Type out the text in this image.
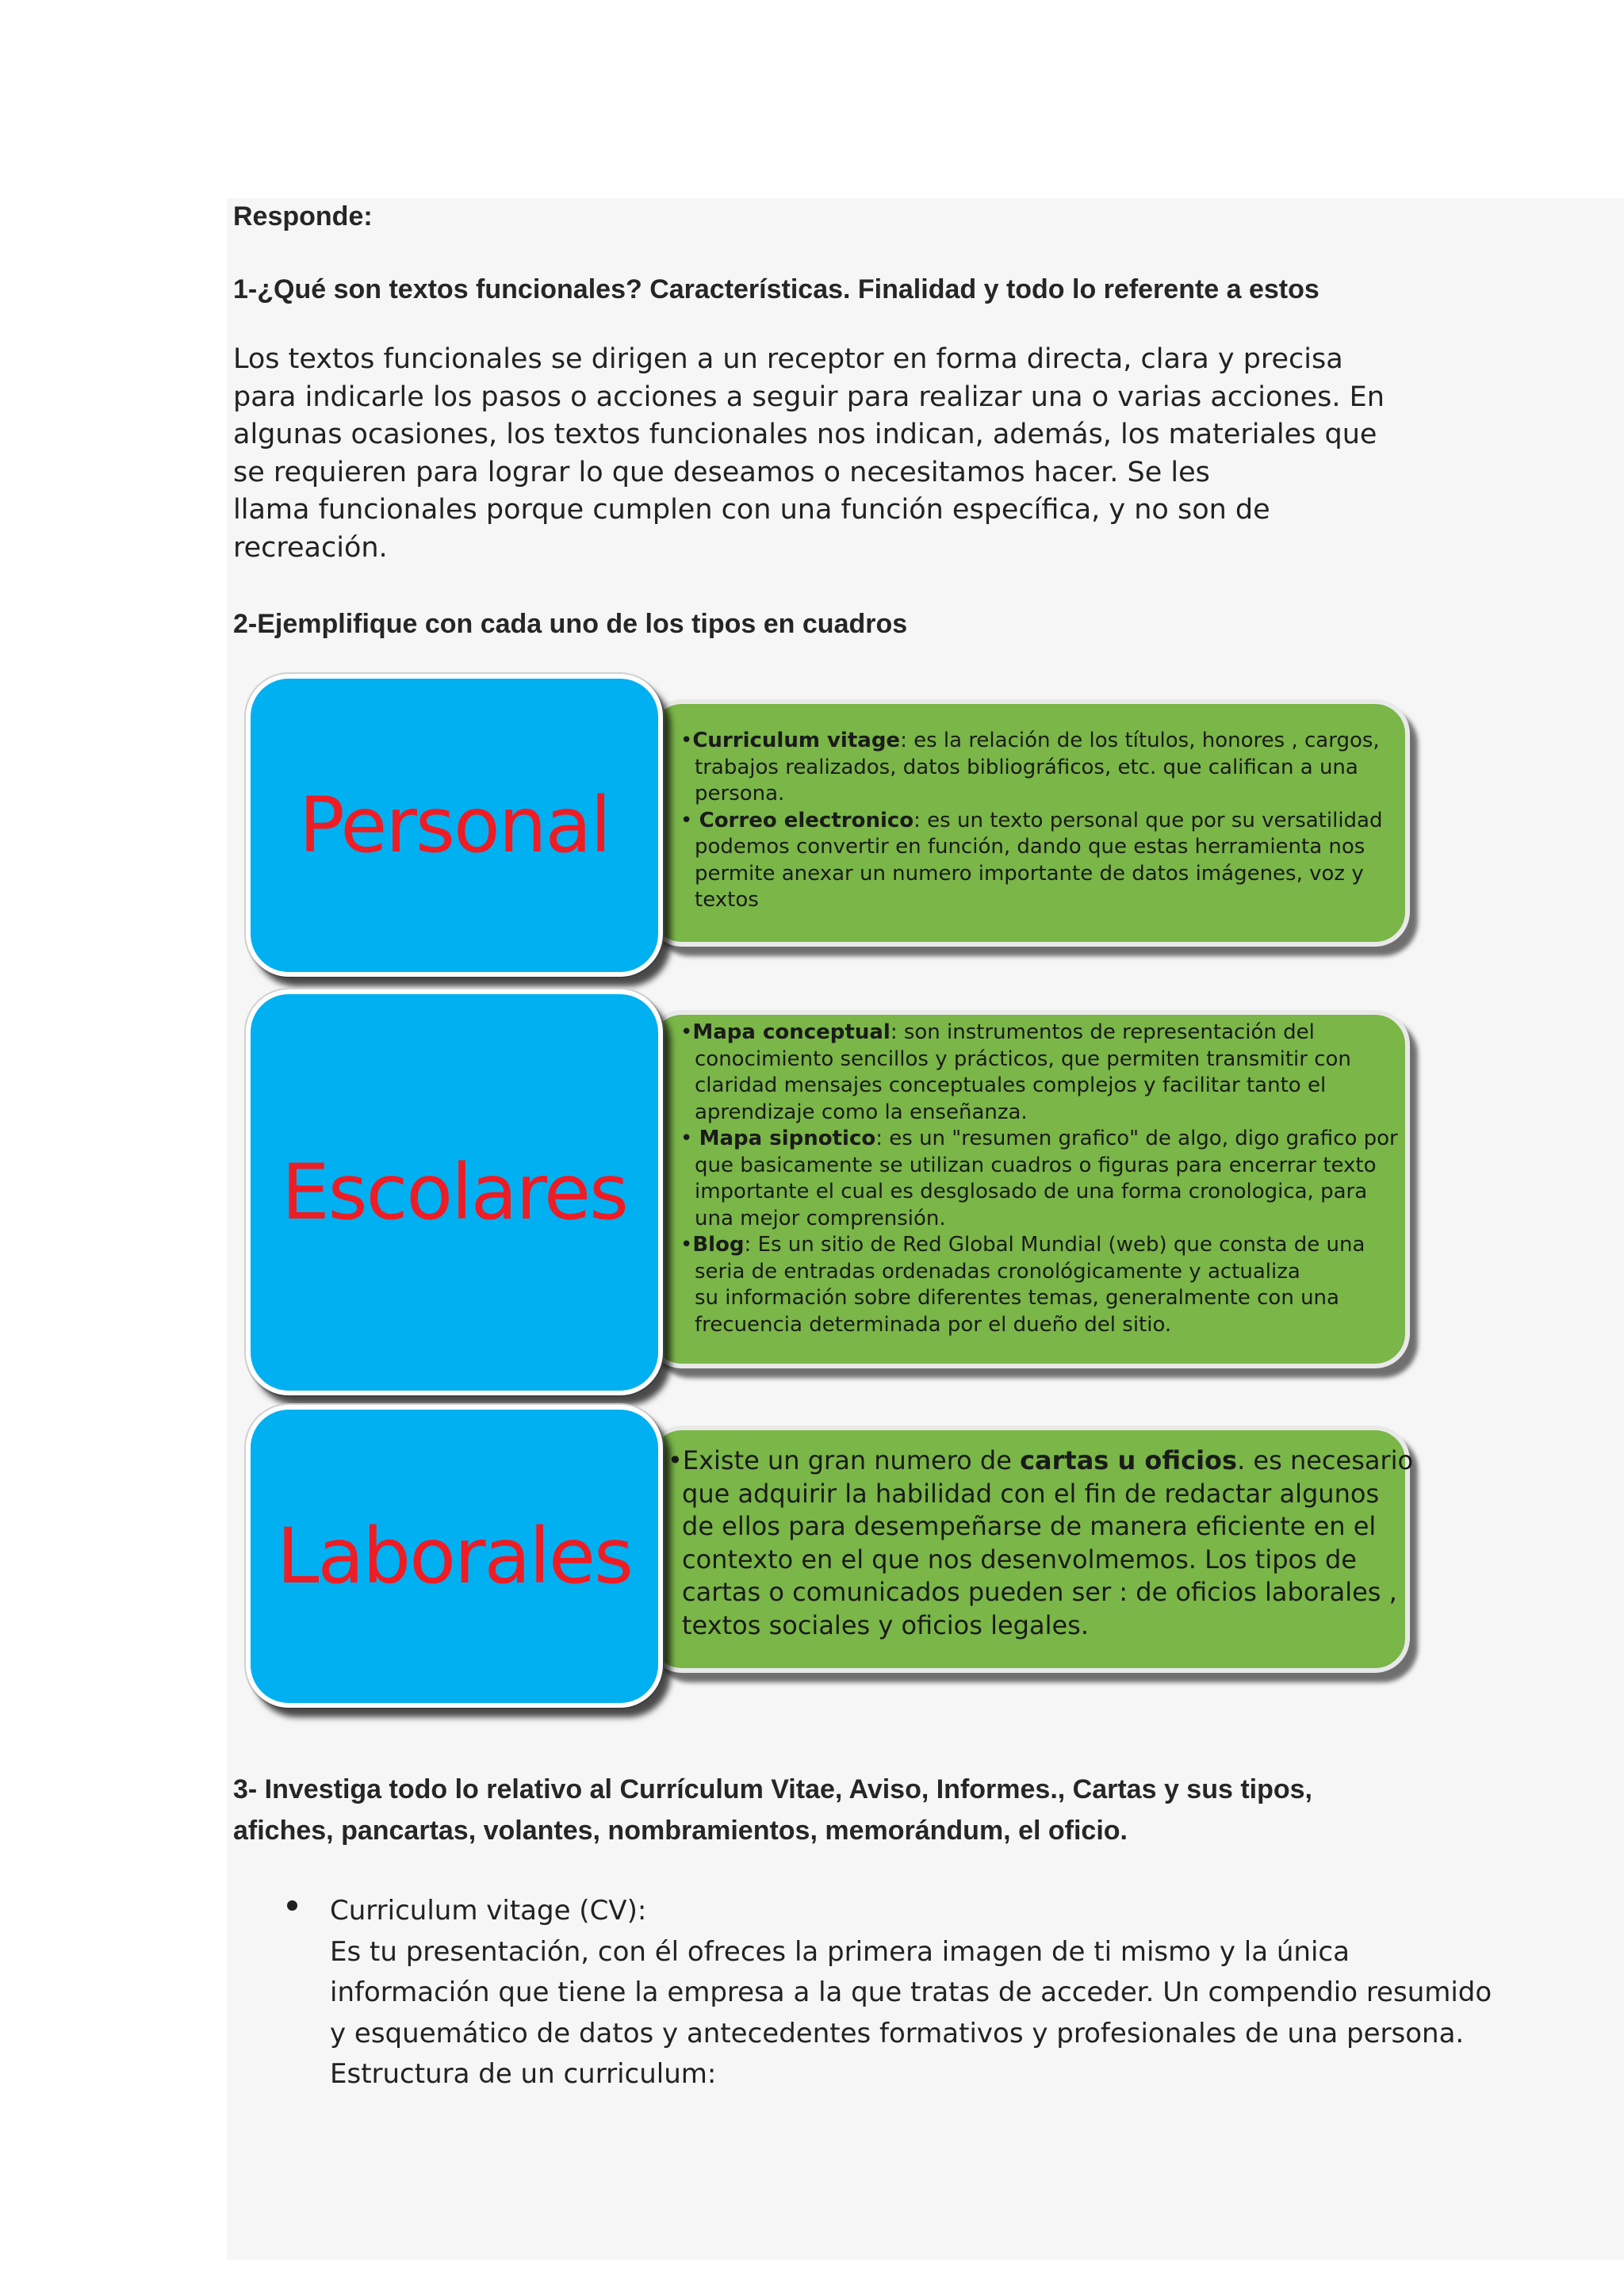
Responde:
1-¿Qué son textos funcionales? Características. Finalidad y todo lo referente a estos

Los textos funcionales se dirigen a un receptor en forma directa, clara y precisa
para indicarle los pasos o acciones a seguir para realizar una o varias acciones. En
algunas ocasiones, los textos funcionales nos indican, además, los materiales que
se requieren para lograr lo que deseamos o necesitamos hacer. Se les
llama funcionales porque cumplen con una función específica, y no son de
recreación.

2-Ejemplifique con cada uno de los tipos en cuadros
•Curriculum vitage: es la relación de los títulos, honores , cargos,
trabajos realizados, datos bibliográficos, etc. que califican a una
persona.
• Correo electronico: es un texto personal que por su versatilidad
podemos convertir en función, dando que estas herramienta nos
permite anexar un numero importante de datos imágenes, voz y
textos
Personal
•Mapa conceptual: son instrumentos de representación del
conocimiento sencillos y prácticos, que permiten transmitir con
claridad mensajes conceptuales complejos y facilitar tanto el
aprendizaje como la enseñanza.
• Mapa sipnotico: es un "resumen grafico" de algo, digo grafico por
que basicamente se utilizan cuadros o figuras para encerrar texto
importante el cual es desglosado de una forma cronologica, para
una mejor comprensión.
•Blog: Es un sitio de Red Global Mundial (web) que consta de una
seria de entradas ordenadas cronológicamente y actualiza
su información sobre diferentes temas, generalmente con una
frecuencia determinada por el dueño del sitio.
Escolares
•Existe un gran numero de cartas u oficios. es necesario
que adquirir la habilidad con el fin de redactar algunos
de ellos para desempeñarse de manera eficiente en el
contexto en el que nos desenvolmemos. Los tipos de
cartas o comunicados pueden ser : de oficios laborales ,
textos sociales y oficios legales.
Laborales
3- Investiga todo lo relativo al Currículum Vitae, Aviso, Informes., Cartas y sus tipos,
afiches, pancartas, volantes, nombramientos, memorándum, el oficio.
Curriculum vitage (CV):
Es tu presentación, con él ofreces la primera imagen de ti mismo y la única
información que tiene la empresa a la que tratas de acceder. Un compendio resumido
y esquemático de datos y antecedentes formativos y profesionales de una persona.
Estructura de un curriculum:
